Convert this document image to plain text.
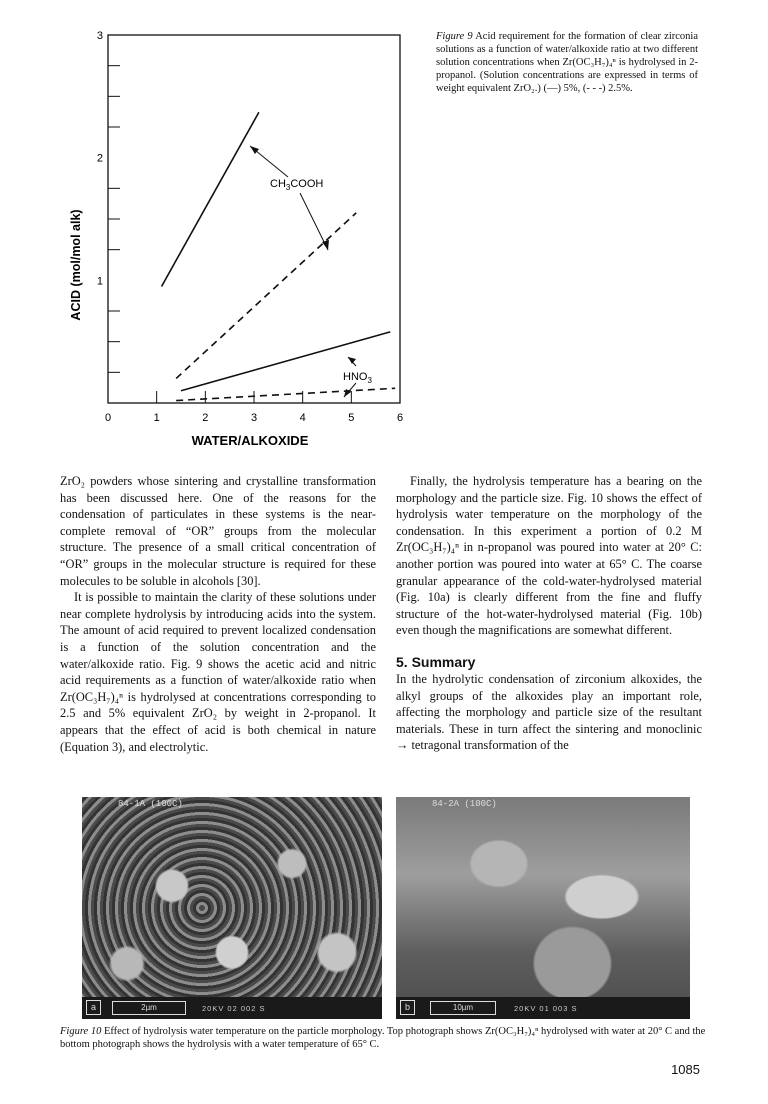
1
2
3
0	1	2	3	4	5	6
WATER/ALKOXIDE
ACID (mol/mol alk)
$CH_3COOH$
$HNO_3$
Figure 9 Acid requirement for the formation of clear zirconia solutions as a function of water/alkoxide ratio at two different solution concentrations when Zr(OC₃H₇)₄ⁿ is hydrolysed in 2-propanol. (Solution concentrations are expressed in terms of weight equivalent ZrO₂.) (—) 5%, (- - -) 2.5%.

ZrO₂ powders whose sintering and crystalline transformation has been discussed here. One of the reasons for the condensation of particulates in these systems is the near-complete removal of “OR” groups from the molecular structure. The presence of a small critical concentration of “OR” groups in the molecular structure is required for these molecules to be soluble in alcohols [30].

It is possible to maintain the clarity of these solutions under near complete hydrolysis by introducing acids into the system. The amount of acid required to prevent localized condensation is a function of the solution concentration and the water/alkoxide ratio. Fig. 9 shows the acetic acid and nitric acid requirements as a function of water/alkoxide ratio when Zr(OC₃H₇)₄ⁿ is hydrolysed at concentrations corresponding to 2.5 and 5% equivalent ZrO₂ by weight in 2-propanol. It appears that the effect of acid is both chemical in nature (Equation 3), and electrolytic.

Finally, the hydrolysis temperature has a bearing on the morphology and the particle size. Fig. 10 shows the effect of hydrolysis water temperature on the morphology of the condensation. In this experiment a portion of 0.2 M Zr(OC₃H₇)₄ⁿ in n-propanol was poured into water at 20° C: another portion was poured into water at 65° C. The coarse granular appearance of the cold-water-hydrolysed material (Fig. 10a) is clearly different from the fine and fluffy structure of the hot-water-hydrolysed material (Fig. 10b) even though the magnifications are somewhat different.

5. Summary

In the hydrolytic condensation of zirconium alkoxides, the alkyl groups of the alkoxides play an important role, affecting the morphology and particle size of the resultant materials. These in turn affect the sintering and monoclinic → tetragonal transformation of the

84-1A (100C)
a	2µm	20KV 02 002 S
84-2A (100C)
b	10µm	20KV 01 003 S
Figure 10 Effect of hydrolysis water temperature on the particle morphology. Top photograph shows Zr(OC₃H₇)₄ⁿ hydrolysed with water at 20° C and the bottom photograph shows the hydrolysis with a water temperature of 65° C.
1085
